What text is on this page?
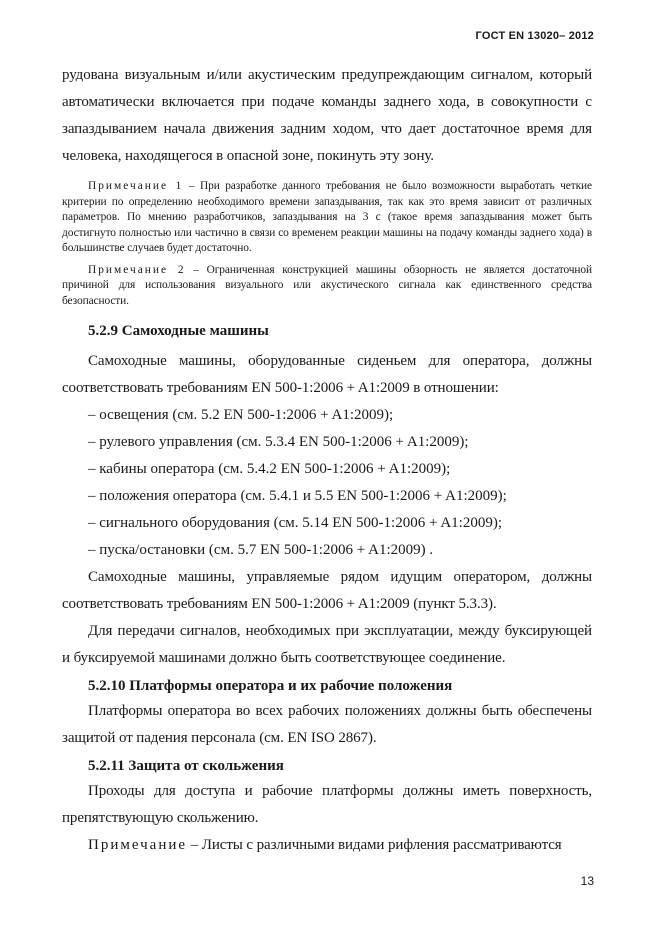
ГОСТ EN 13020– 2012

рудована визуальным и/или акустическим предупреждающим сигналом, который автоматически включается при подаче команды заднего хода, в совокупности с запаздыванием начала движения задним ходом, что дает достаточное время для человека, находящегося в опасной зоне, покинуть эту зону.

Примечание 1 – При разработке данного требования не было возможности выработать четкие критерии по определению необходимого времени запаздывания, так как это время зависит от различных параметров. По мнению разработчиков, запаздывания на 3 с (такое время запаздывания может быть достигнуто полностью или частично в связи со временем реакции машины на подачу команды заднего хода) в большинстве случаев будет достаточно.

Примечание 2 – Ограниченная конструкцией машины обзорность не является достаточной причиной для использования визуального или акустического сигнала как единственного средства безопасности.

5.2.9 Самоходные машины

Самоходные машины, оборудованные сиденьем для оператора, должны соответствовать требованиям EN 500-1:2006 + A1:2009 в отношении:

– освещения (см. 5.2 EN 500-1:2006 + A1:2009);

– рулевого управления (см. 5.3.4 EN 500-1:2006 + A1:2009);

– кабины оператора (см. 5.4.2 EN 500-1:2006 + A1:2009);

– положения оператора (см. 5.4.1 и 5.5 EN 500-1:2006 + A1:2009);

– сигнального оборудования (см. 5.14 EN 500-1:2006 + A1:2009);

– пуска/остановки (см. 5.7 EN 500-1:2006 + A1:2009) .

Самоходные машины, управляемые рядом идущим оператором, должны соответствовать требованиям EN 500-1:2006 + A1:2009 (пункт 5.3.3).

Для передачи сигналов, необходимых при эксплуатации, между буксирующей и буксируемой машинами должно быть соответствующее соединение.

5.2.10 Платформы оператора и их рабочие положения

Платформы оператора во всех рабочих положениях должны быть обеспечены защитой от падения персонала (см. EN ISO 2867).

5.2.11 Защита от скольжения

Проходы для доступа и рабочие платформы должны иметь поверхность, препятствующую скольжению.

Примечание – Листы с различными видами рифления рассматриваются

13
